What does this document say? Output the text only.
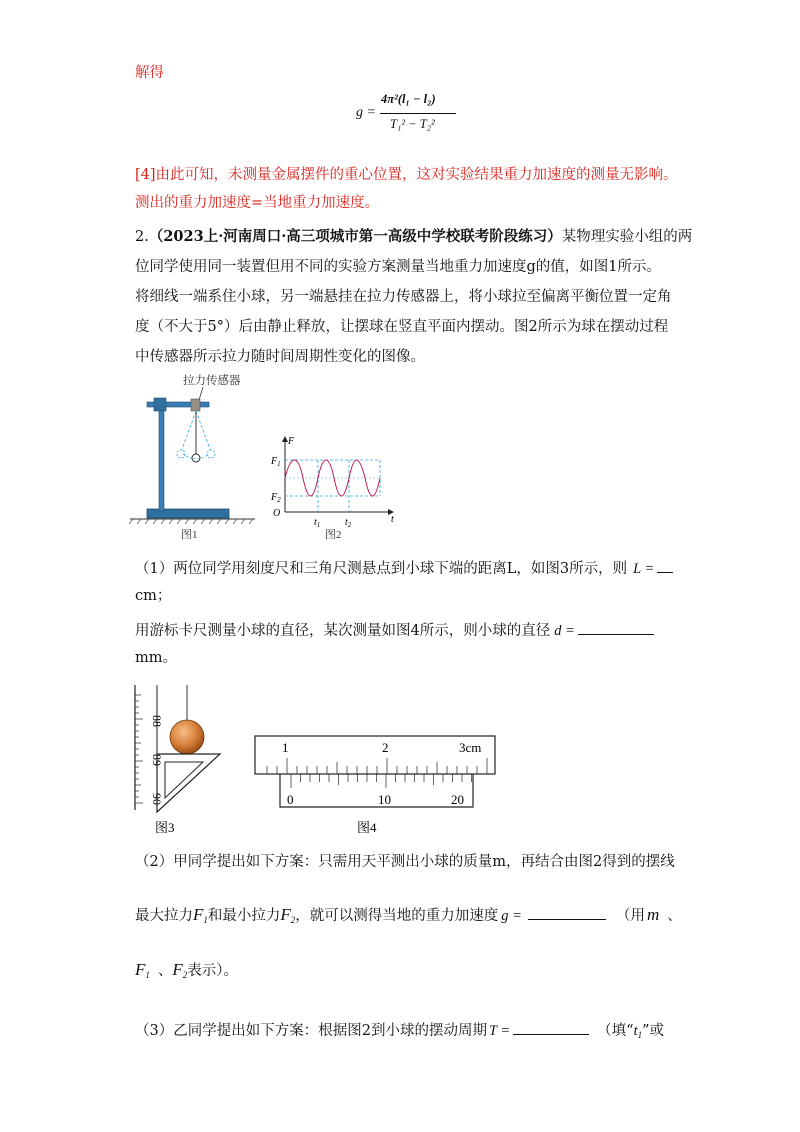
解得
g =
4π²(l₁ − l₂)
T₁² − T₂²
[4]由此可知，未测量金属摆件的重心位置，这对实验结果重力加速度的测量无影响。
测出的重力加速度=当地重力加速度。
2.（2023上·河南周口·高三项城市第一高级中学校联考阶段练习）某物理实验小组的两
位同学使用同一装置但用不同的实验方案测量当地重力加速度g的值，如图1所示。
将细线一端系住小球，另一端悬挂在拉力传感器上，将小球拉至偏离平衡位置一定角
度（不大于5°）后由静止释放，让摆球在竖直平面内摆动。图2所示为球在摆动过程
中传感器所示拉力随时间周期性变化的图像。
拉力传感器
图1
F
t
O
$F_1$
$F_2$
$t_1$ $t_2$
图2
（1）两位同学用刻度尺和三角尺测悬点到小球下端的距离L，如图3所示，则 L =
cm；
用游标卡尺测量小球的直径，某次测量如图4所示，则小球的直径 d =
mm。
88
89
90
图3
1	2	3cm
0	10	20
图4
（2）甲同学提出如下方案：只需用天平测出小球的质量m，再结合由图2得到的摆线
最大拉力$F_1$和最小拉力$F_2$，就可以测得当地的重力加速度 g =	（用 m 、
$F_1$ 、$F_2$表示）。
（3）乙同学提出如下方案：根据图2到小球的摆动周期 T =	（填“$t_1$”或
